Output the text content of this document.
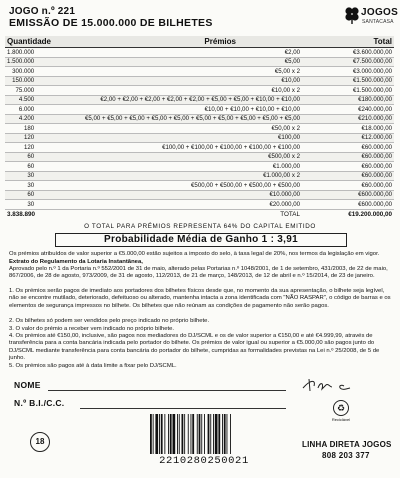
JOGO n.º 221
EMISSÃO DE 15.000.000 DE BILHETES
JOGOS
SANTACASA
Quantidade	Prémios	Total
1.800.000	€2,00	€3.600.000,00
1.500.000	€5,00	€7.500.000,00
300.000	€5,00 x 2	€3.000.000,00
150.000	€10,00	€1.500.000,00
75.000	€10,00 x 2	€1.500.000,00
4.500	€2,00 + €2,00 + €2,00 + €2,00 + €2,00 + €5,00 + €5,00 + €10,00 + €10,00	€180.000,00
6.000	€10,00 + €10,00 + €10,00 + €10,00	€240.000,00
4.200	€5,00 + €5,00 + €5,00 + €5,00 + €5,00 + €5,00 + €5,00 + €5,00 + €5,00 + €5,00	€210.000,00
180	€50,00 x 2	€18.000,00
120	€100,00	€12.000,00
120	€100,00 + €100,00 + €100,00 + €100,00 + €100,00	€60.000,00
60	€500,00 x 2	€60.000,00
60	€1.000,00	€60.000,00
30	€1.000,00 x 2	€60.000,00
30	€500,00 + €500,00 + €500,00 + €500,00	€60.000,00
60	€10.000,00	€600.000,00
30	€20.000,00	€600.000,00
3.838.890	TOTAL	€19.200.000,00
O TOTAL PARA PRÉMIOS REPRESENTA 64% DO CAPITAL EMITIDO
Probabilidade Média de Ganho 1 : 3,91
Os prémios atribuídos de valor superior a €5.000,00 estão sujeitos a imposto do selo, à taxa legal de 20%, nos termos da legislação em vigor.
Extrato do Regulamento da Lotaria Instantânea,
Aprovado pelo n.º 1 da Portaria n.º 552/2001 de 31 de maio, alterado pelas Portarias n.º 1048/2001, de 1 de setembro, 431/2003, de 22 de maio, 867/2006, de 28 de agosto, 973/2009, de 31 de agosto, 112/2013, de 21 de março, 148/2013, de 12 de abril e n.º 15/2014, de 23 de janeiro.
1. Os prémios serão pagos de imediato aos portadores dos bilhetes físicos desde que, no momento da sua apresentação, o bilhete seja legível, não se encontre mutilado, deteriorado, defeituoso ou alterado, mantenha intacta a zona identificada com "NÃO RASPAR", o código de barras e os elementos de segurança impressos no bilhete. Os bilhetes que não reúnam as condições de pagamento não serão pagos.
2. Os bilhetes só podem ser vendidos pelo preço indicado no próprio bilhete.
3. O valor do prémio a receber vem indicado no próprio bilhete.
4. Os prémios até €150,00, inclusive, são pagos nos mediadores do DJ/SCML e os de valor superior a €150,00 e até €4.999,99, através de transferência para a conta bancária indicada pelo portador do bilhete. Os prémios de valor igual ou superior a €5.000,00 são pagos junto do DJ/SCML mediante transferência para conta bancária do portador do bilhete, cumpridas as formalidades previstas na Lei n.º 25/2008, de 5 de junho.
5. Os prémios são pagos até à data limite a fixar pelo DJ/SCML.
NOME
N.º B.I./C.C.	♻
Reciclável
18
2210280250021
LINHA DIRETA JOGOS
808 203 377
